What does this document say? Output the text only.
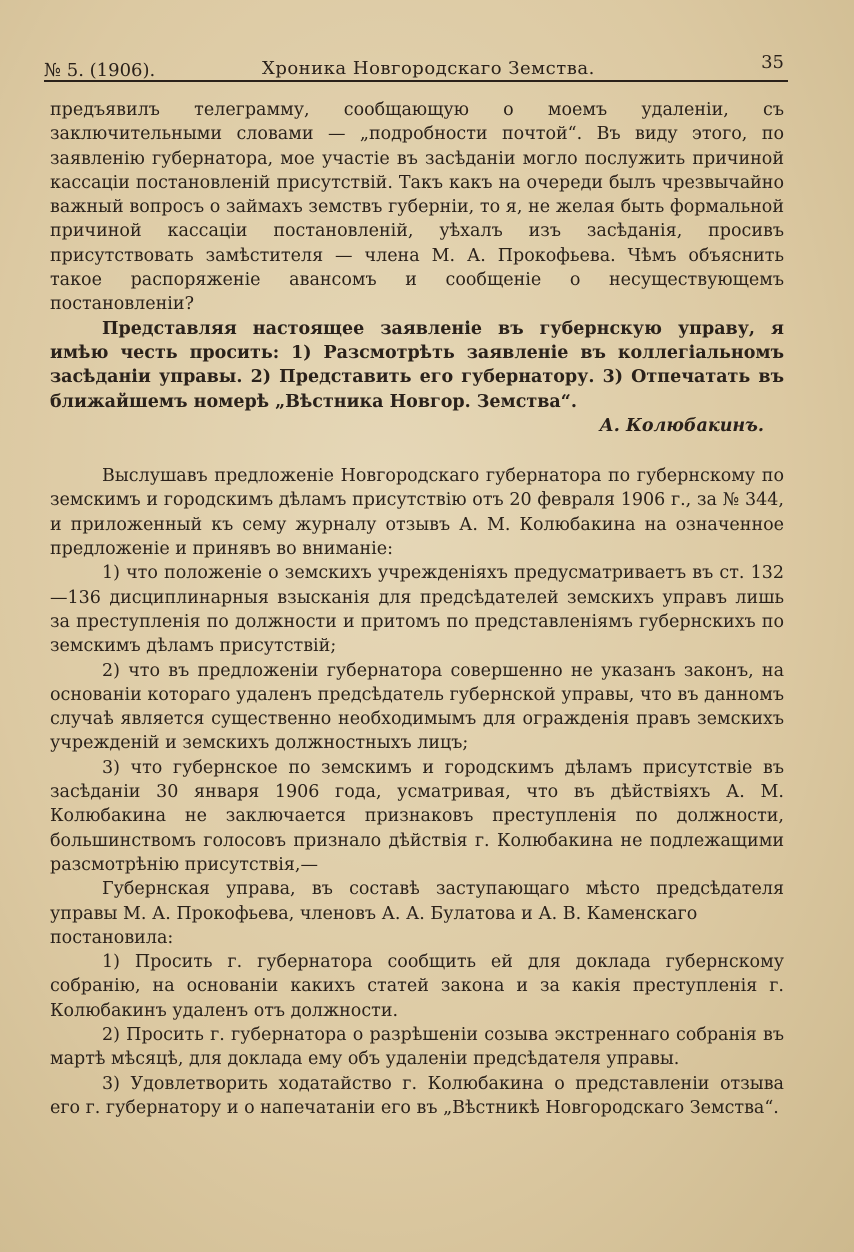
№ 5. (1906).	Хроника Новгородскаго Земства.	35

предъявилъ телеграмму, сообщающую о моемъ удаленіи, съ заключительными словами — „подробности почтой“. Въ виду этого, по заявленію губернатора, мое участіе въ засѣданіи могло послужить причиной кассаціи постановленій присутствій. Такъ какъ на очереди былъ чрезвычайно важный вопросъ о займахъ земствъ губерніи, то я, не желая быть формальной причиной кассаціи постановленій, уѣхалъ изъ засѣданія, просивъ присутствовать замѣстителя — члена М. А. Прокофьева. Чѣмъ объяснить такое распоряженіе авансомъ и сообщеніе о несуществующемъ постановленіи?

Представляя настоящее заявленіе въ губернскую управу, я имѣю честь просить: 1) Разсмотрѣть заявленіе въ коллегіальномъ засѣданіи управы. 2) Представить его губернатору. 3) Отпечатать въ ближайшемъ номерѣ „Вѣстника Новгор. Земства“.

А. Колюбакинъ.

Выслушавъ предложеніе Новгородскаго губернатора по губернскому по земскимъ и городскимъ дѣламъ присутствію отъ 20 февраля 1906 г., за № 344, и приложенный къ сему журналу отзывъ А. М. Колюбакина на означенное предложеніе и принявъ во вниманіе:

1) что положеніе о земскихъ учрежденіяхъ предусматриваетъ въ ст. 132—136 дисциплинарныя взысканія для предсѣдателей земскихъ управъ лишь за преступленія по должности и притомъ по представленіямъ губернскихъ по земскимъ дѣламъ присутствій;

2) что въ предложеніи губернатора совершенно не указанъ законъ, на основаніи котораго удаленъ предсѣдатель губернской управы, что въ данномъ случаѣ является существенно необходимымъ для огражденія правъ земскихъ учрежденій и земскихъ должностныхъ лицъ;

3) что губернское по земскимъ и городскимъ дѣламъ присутствіе въ засѣданіи 30 января 1906 года, усматривая, что въ дѣйствіяхъ А. М. Колюбакина не заключается признаковъ преступленія по должности, большинствомъ голосовъ признало дѣйствія г. Колюбакина не подлежащими разсмотрѣнію присутствія,—

Губернская управа, въ составѣ заступающаго мѣсто предсѣдателя управы М. А. Прокофьева, членовъ А. А. Булатова и А. В. Каменскаго

постановила:

1) Просить г. губернатора сообщить ей для доклада губернскому собранію, на основаніи какихъ статей закона и за какія преступленія г. Колюбакинъ удаленъ отъ должности.

2) Просить г. губернатора о разрѣшеніи созыва экстреннаго собранія въ мартѣ мѣсяцѣ, для доклада ему объ удаленіи предсѣдателя управы.

3) Удовлетворить ходатайство г. Колюбакина о представленіи отзыва его г. губернатору и о напечатаніи его въ „Вѣстникѣ Новгородскаго Земства“.
